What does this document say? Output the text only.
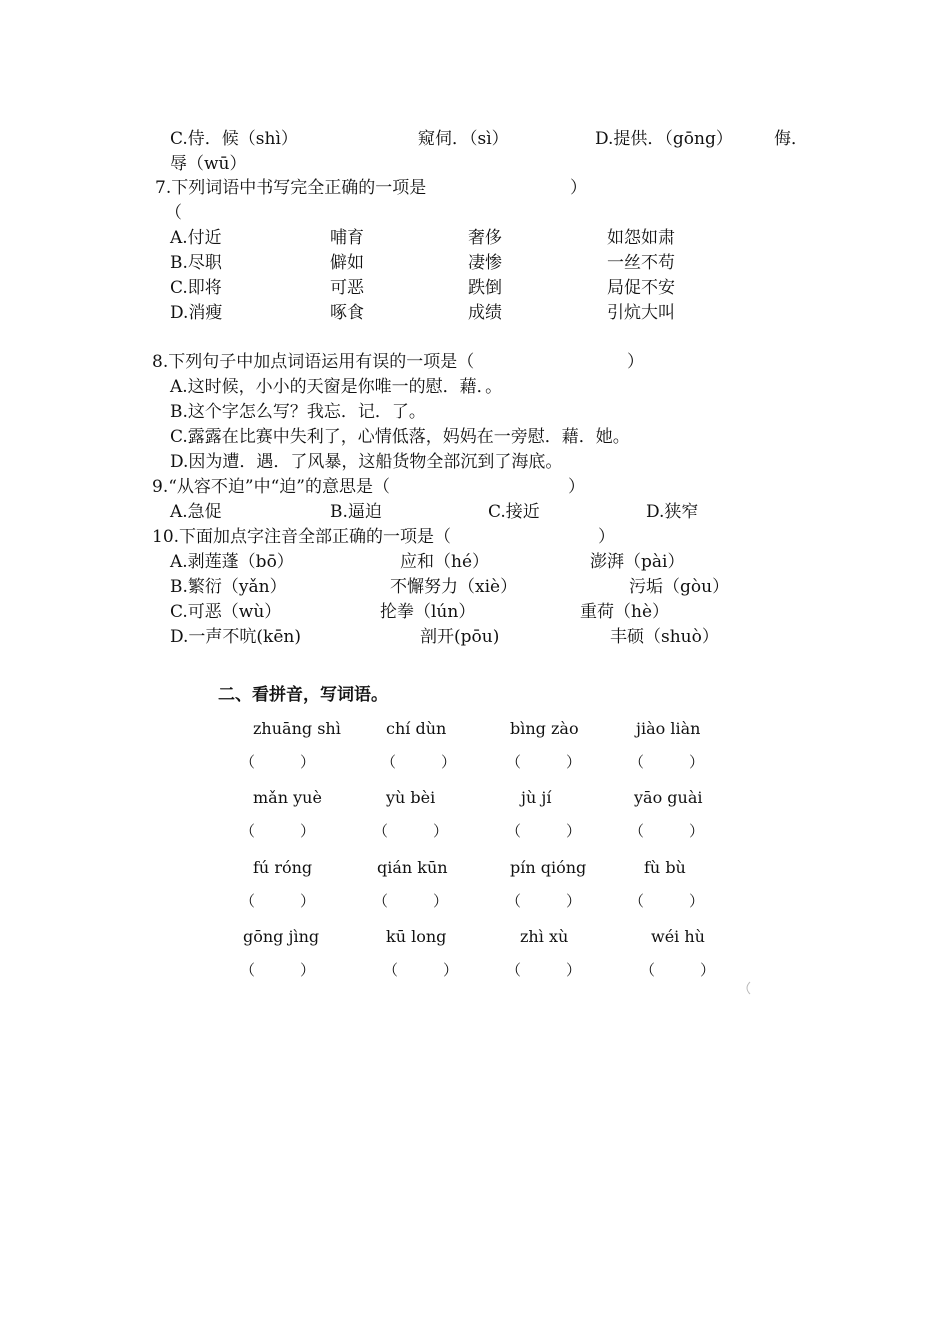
C.侍．候（shì）	窥伺．（sì）	D.提供．（gōng） 侮．
辱（wū）
7.下列词语中书写完全正确的一项是	）
（
A.付近	哺育	奢侈	如怨如肃
B.尽职	僻如	凄惨	一丝不苟
C.即将	可恶	跌倒	局促不安
D.消瘦	啄食	成绩	引炕大叫
8.下列句子中加点词语运用有误的一项是（	）
A.这时候，小小的天窗是你唯一的慰．藉．。
B.这个字怎么写？我忘．记．了。
C.露露在比赛中失利了，心情低落，妈妈在一旁慰．藉．她。
D.因为遭．遇．了风暴，这船货物全部沉到了海底。
9.“从容不迫”中“迫”的意思是（	）
A.急促	B.逼迫	C.接近	D.狭窄
10.下面加点字注音全部正确的一项是（	）
A.剥莲蓬（bō）	应和（hé）	澎湃（pài）
B.繁衍（yǎn）	不懈努力（xiè）	污垢（gòu）
C.可恶（wù）	抡拳（lún）	重荷（hè）
D.一声不吭(kēn)	剖开(pōu)	丰硕（shuò）
二、看拼音，写词语。
zhuāng shì	chí dùn	bìng zào	jiào liàn
（　　　）	（　　　）	（　　　）	（　　　）
mǎn yuè	yù bèi	jù jí	yāo guài
（　　　）	（　　　）	（　　　）	（　　　）
fú róng	qián kūn	pín qióng	fù bù
（　　　）	（　　　）	（　　　）	（　　　）
gōng jìng	kū long	zhì xù	wéi hù
（　　　）	（　　　）	（　　　）	（　　　）
